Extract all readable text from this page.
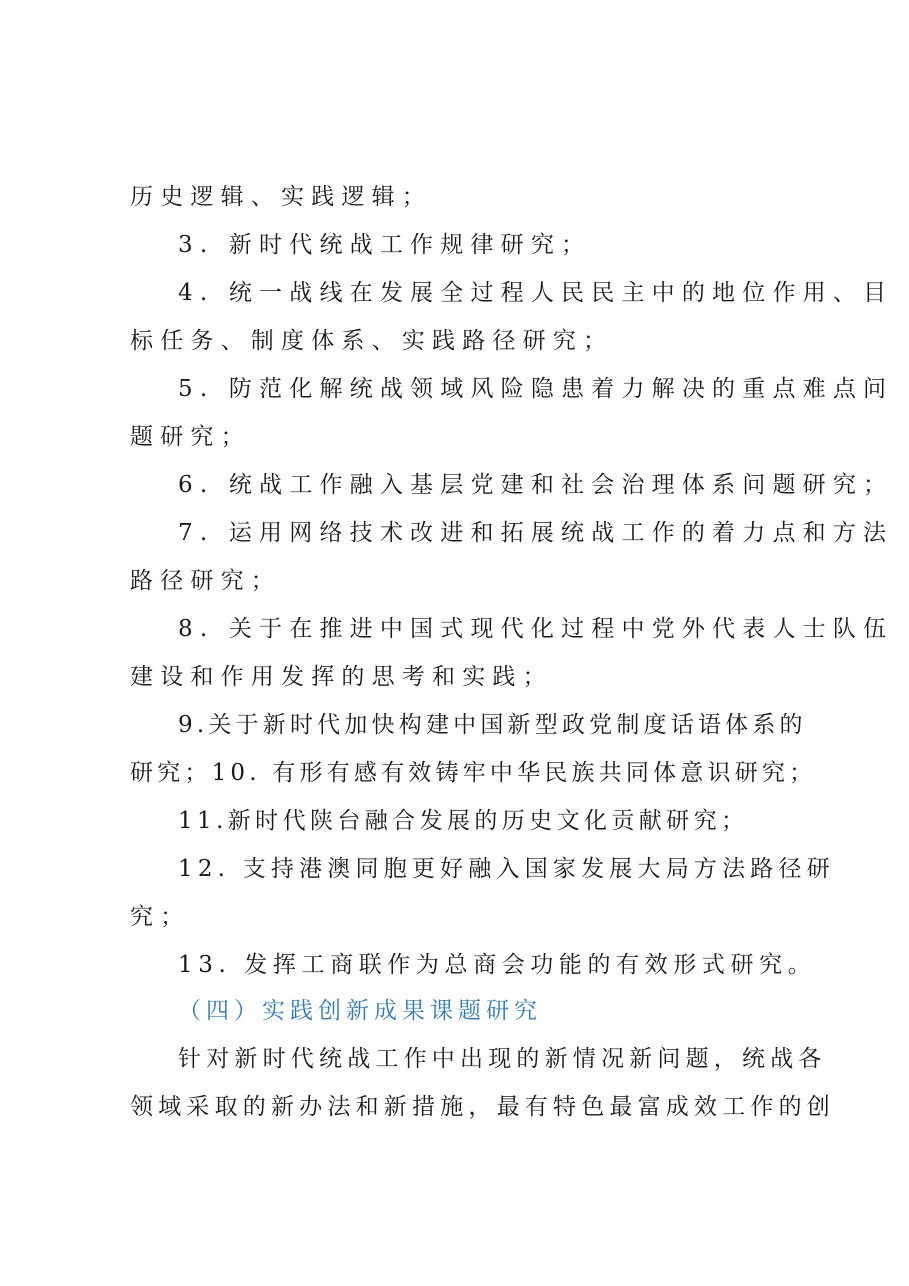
历史逻辑、实践逻辑；
3. 新时代统战工作规律研究；
4. 统一战线在发展全过程人民民主中的地位作用、目
标任务、制度体系、实践路径研究；
5. 防范化解统战领域风险隐患着力解决的重点难点问
题研究；
6. 统战工作融入基层党建和社会治理体系问题研究；
7. 运用网络技术改进和拓展统战工作的着力点和方法
路径研究；
8. 关于在推进中国式现代化过程中党外代表人士队伍
建设和作用发挥的思考和实践；
9.关于新时代加快构建中国新型政党制度话语体系的
研究；10. 有形有感有效铸牢中华民族共同体意识研究；
11.新时代陕台融合发展的历史文化贡献研究；
12. 支持港澳同胞更好融入国家发展大局方法路径研
究；
13. 发挥工商联作为总商会功能的有效形式研究。
（四）实践创新成果课题研究
针对新时代统战工作中出现的新情况新问题，统战各
领域采取的新办法和新措施，最有特色最富成效工作的创
